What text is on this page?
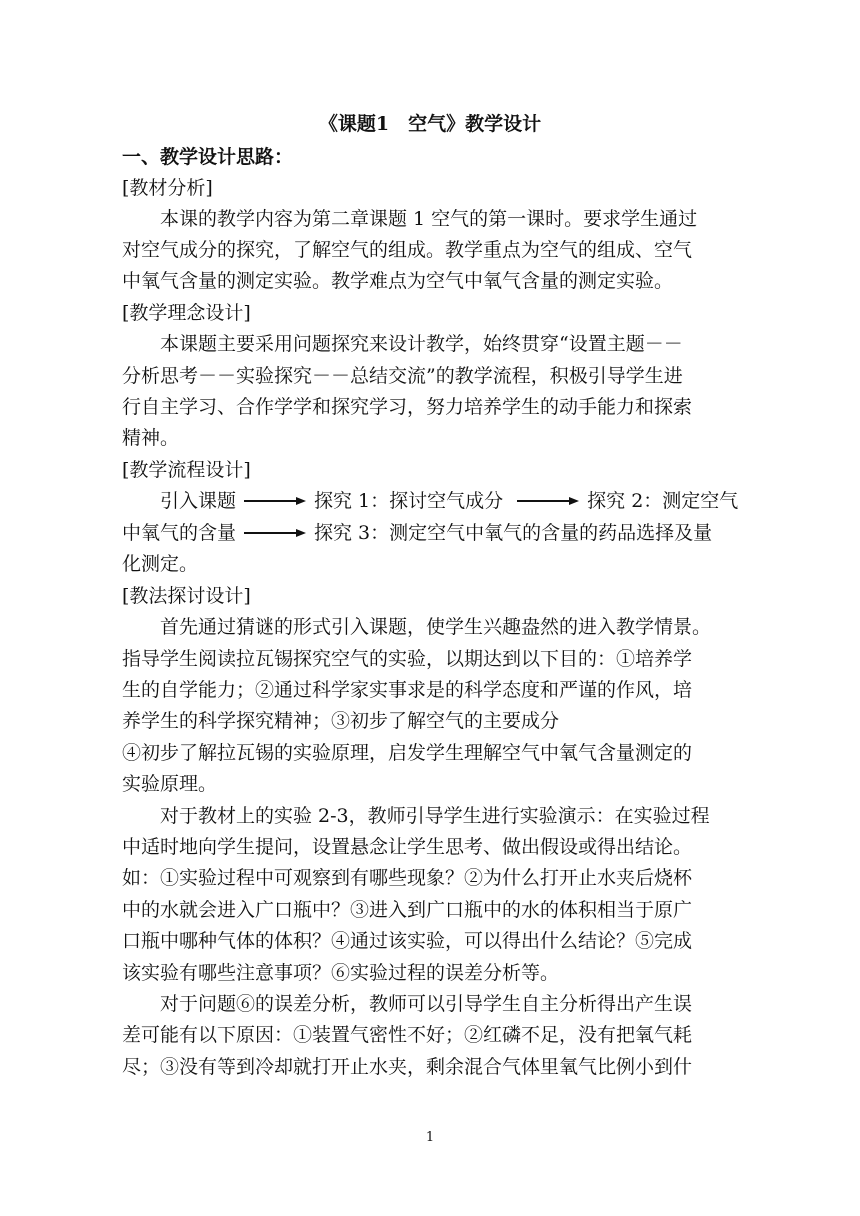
《课题1　空气》教学设计
一、教学设计思路：
[教材分析]
　　本课的教学内容为第二章课题 1 空气的第一课时。要求学生通过
对空气成分的探究，了解空气的组成。教学重点为空气的组成、空气
中氧气含量的测定实验。教学难点为空气中氧气含量的测定实验。
[教学理念设计]
　　本课题主要采用问题探究来设计教学，始终贯穿“设置主题－－
分析思考－－实验探究－－总结交流”的教学流程，积极引导学生进
行自主学习、合作学学和探究学习，努力培养学生的动手能力和探索
精神。
[教学流程设计]
引入课题	探究 1：探讨空气成分	探究 2：测定空气
中氧气的含量	探究 3：测定空气中氧气的含量的药品选择及量
化测定。
[教法探讨设计]
　　首先通过猜谜的形式引入课题，使学生兴趣盎然的进入教学情景。
指导学生阅读拉瓦锡探究空气的实验，以期达到以下目的：①培养学
生的自学能力；②通过科学家实事求是的科学态度和严谨的作风，培
养学生的科学探究精神；③初步了解空气的主要成分
④初步了解拉瓦锡的实验原理，启发学生理解空气中氧气含量测定的
实验原理。
　　对于教材上的实验 2-3，教师引导学生进行实验演示：在实验过程
中适时地向学生提问，设置悬念让学生思考、做出假设或得出结论。
如：①实验过程中可观察到有哪些现象？②为什么打开止水夹后烧杯
中的水就会进入广口瓶中？③进入到广口瓶中的水的体积相当于原广
口瓶中哪种气体的体积？④通过该实验，可以得出什么结论？⑤完成
该实验有哪些注意事项？⑥实验过程的误差分析等。
　　对于问题⑥的误差分析，教师可以引导学生自主分析得出产生误
差可能有以下原因：①装置气密性不好；②红磷不足，没有把氧气耗
尽；③没有等到冷却就打开止水夹，剩余混合气体里氧气比例小到什
1
